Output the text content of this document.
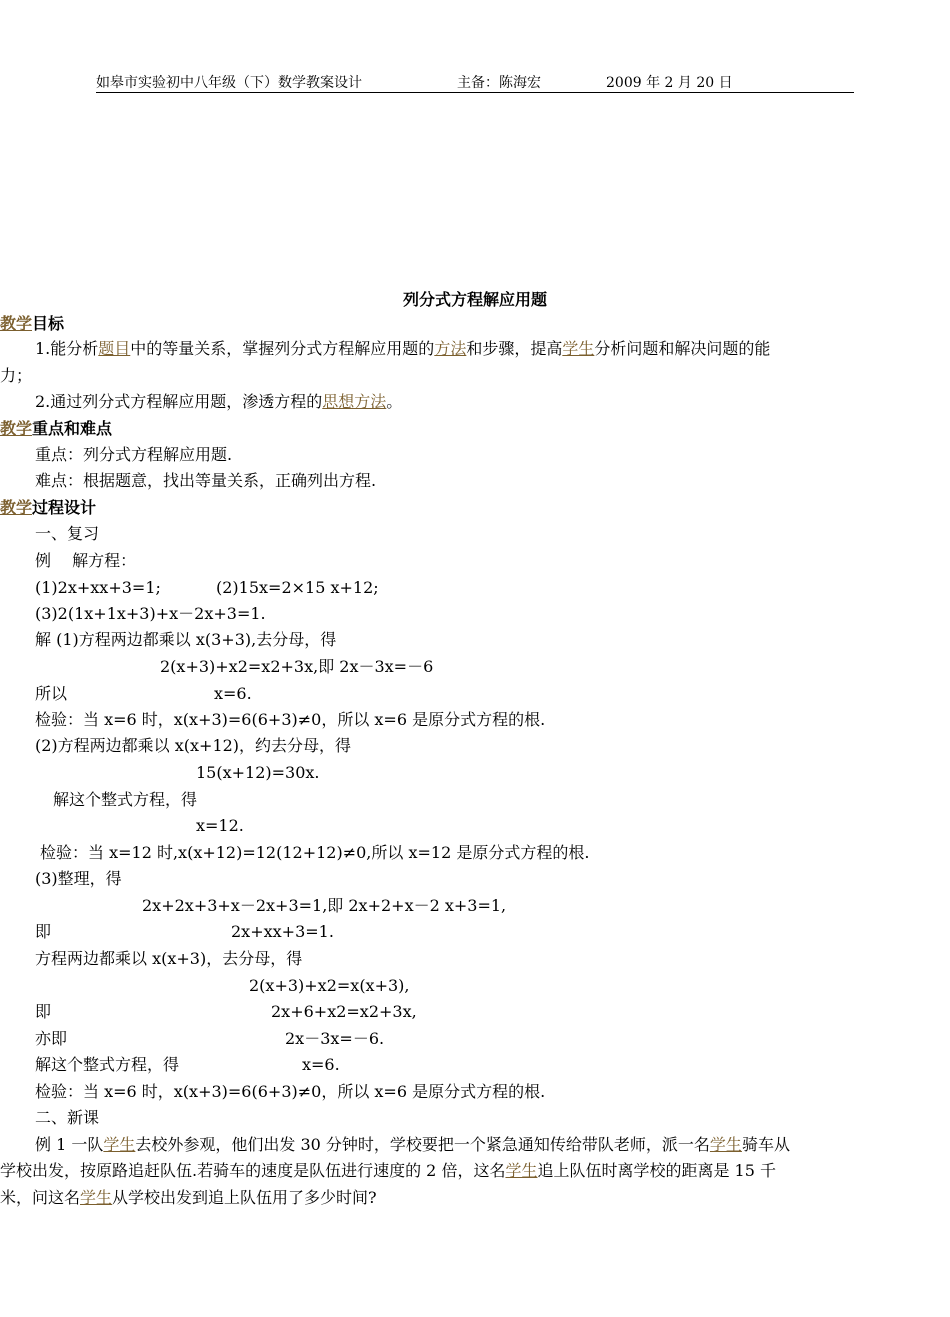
如皋市实验初中八年级（下）数学教案设计	主备：陈海宏	2009 年 2 月 20 日
列分式方程解应用题
教学目标
1.能分析题目中的等量关系，掌握列分式方程解应用题的方法和步骤，提高学生分析问题和解决问题的能
力；
2.通过列分式方程解应用题，渗透方程的思想方法。
教学重点和难点
重点：列分式方程解应用题.
难点：根据题意，找出等量关系，正确列出方程.
教学过程设计
一、复习
例　 解方程：
(1)2x+xx+3=1;	(2)15x=2×15 x+12;
(3)2(1x+1x+3)+x－2x+3=1.
解 (1)方程两边都乘以 x(3+3),去分母，得
2(x+3)+x2=x2+3x,即 2x－3x=－6
所以	x=6.
检验：当 x=6 时，x(x+3)=6(6+3)≠0，所以 x=6 是原分式方程的根.
(2)方程两边都乘以 x(x+12)，约去分母，得
15(x+12)=30x.
解这个整式方程，得
x=12.
检验：当 x=12 时,x(x+12)=12(12+12)≠0,所以 x=12 是原分式方程的根.
(3)整理，得
2x+2x+3+x－2x+3=1,即 2x+2+x－2 x+3=1,
即	2x+xx+3=1.
方程两边都乘以 x(x+3)，去分母，得
2(x+3)+x2=x(x+3),
即	2x+6+x2=x2+3x,
亦即	2x－3x=－6.
解这个整式方程，得	x=6.
检验：当 x=6 时，x(x+3)=6(6+3)≠0，所以 x=6 是原分式方程的根.
二、新课
例 1 一队学生去校外参观，他们出发 30 分钟时，学校要把一个紧急通知传给带队老师，派一名学生骑车从
学校出发，按原路追赶队伍.若骑车的速度是队伍进行速度的 2 倍，这名学生追上队伍时离学校的距离是 15 千
米，问这名学生从学校出发到追上队伍用了多少时间?
